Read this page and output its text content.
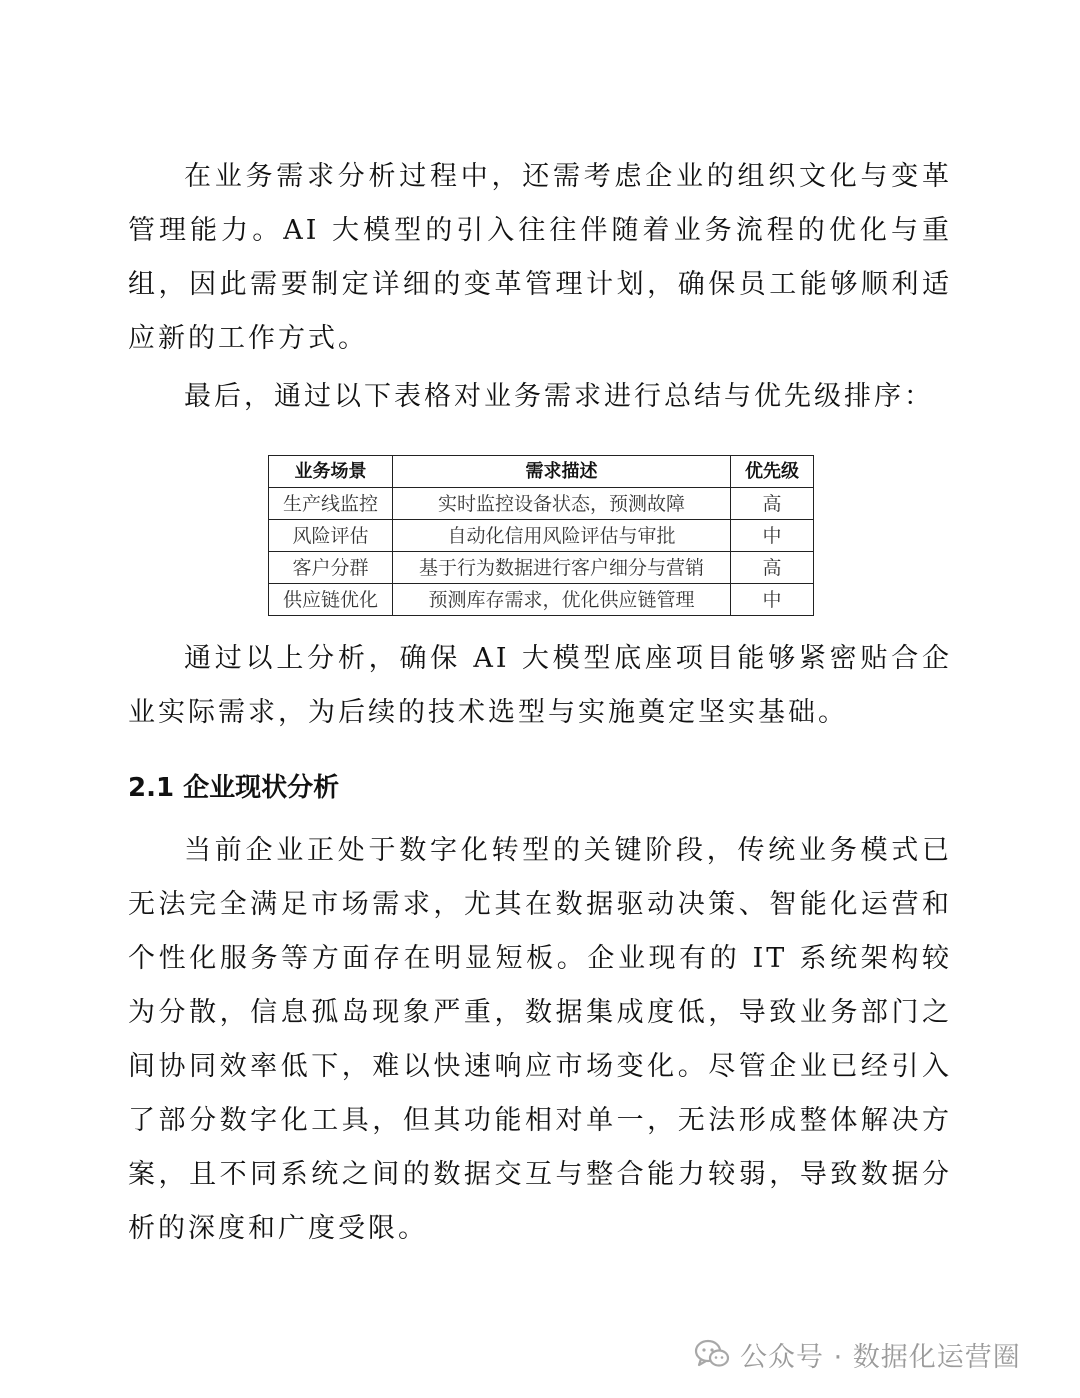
在业务需求分析过程中，还需考虑企业的组织文化与变革管理能力。AI 大模型的引入往往伴随着业务流程的优化与重组，因此需要制定详细的变革管理计划，确保员工能够顺利适应新的工作方式。

最后，通过以下表格对业务需求进行总结与优先级排序：

业务场景	需求描述	优先级
生产线监控	实时监控设备状态，预测故障	高
风险评估	自动化信用风险评估与审批	中
客户分群	基于行为数据进行客户细分与营销	高
供应链优化	预测库存需求，优化供应链管理	中

通过以上分析，确保 AI 大模型底座项目能够紧密贴合企业实际需求，为后续的技术选型与实施奠定坚实基础。

2.1 企业现状分析

当前企业正处于数字化转型的关键阶段，传统业务模式已无法完全满足市场需求，尤其在数据驱动决策、智能化运营和个性化服务等方面存在明显短板。企业现有的 IT 系统架构较为分散，信息孤岛现象严重，数据集成度低，导致业务部门之间协同效率低下，难以快速响应市场变化。尽管企业已经引入了部分数字化工具，但其功能相对单一，无法形成整体解决方案，且不同系统之间的数据交互与整合能力较弱，导致数据分析的深度和广度受限。

公众号 · 数据化运营圈
